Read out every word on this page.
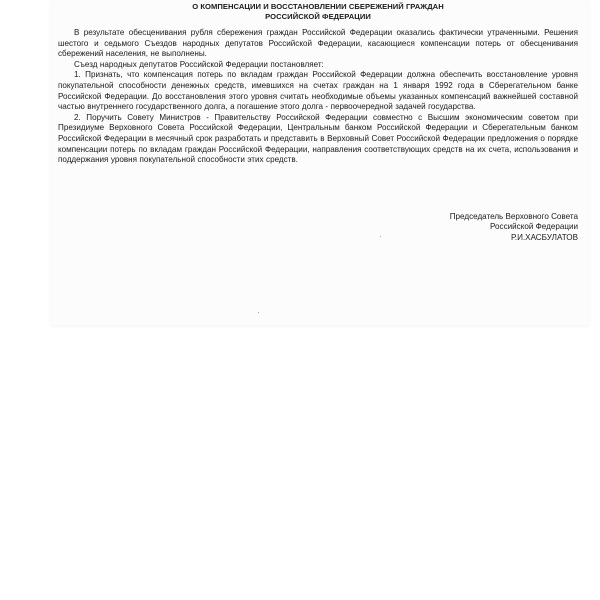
О КОМПЕНСАЦИИ И ВОССТАНОВЛЕНИИ СБЕРЕЖЕНИЙ ГРАЖДАН
РОССИЙСКОЙ ФЕДЕРАЦИИ

В результате обесценивания рубля сбережения граждан Российской Федерации оказались фактически утраченными. Решения шестого и седьмого Съездов народных депутатов Российской Федерации, касающиеся компенсации потерь от обесценивания сбережений населения, не выполнены.

Съезд народных депутатов Российской Федерации постановляет:

1. Признать, что компенсация потерь по вкладам граждан Российской Федерации должна обеспечить восстановление уровня покупательной способности денежных средств, имевшихся на счетах граждан на 1 января 1992 года в Сберегательном банке Российской Федерации. До восстановления этого уровня считать необходимые объемы указанных компенсаций важнейшей составной частью внутреннего государственного долга, а погашение этого долга - первоочередной задачей государства.

2. Поручить Совету Министров - Правительству Российской Федерации совместно с Высшим экономическим советом при Президиуме Верховного Совета Российской Федерации, Центральным банком Российской Федерации и Сберегательным банком Российской Федерации в месячный срок разработать и представить в Верховный Совет Российской Федерации предложения о порядке компенсации потерь по вкладам граждан Российской Федерации, направления соответствующих средств на их счета, использования и поддержания уровня покупательной способности этих средств.

Председатель Верховного Совета
Российской Федерации
Р.И.ХАСБУЛАТОВ
